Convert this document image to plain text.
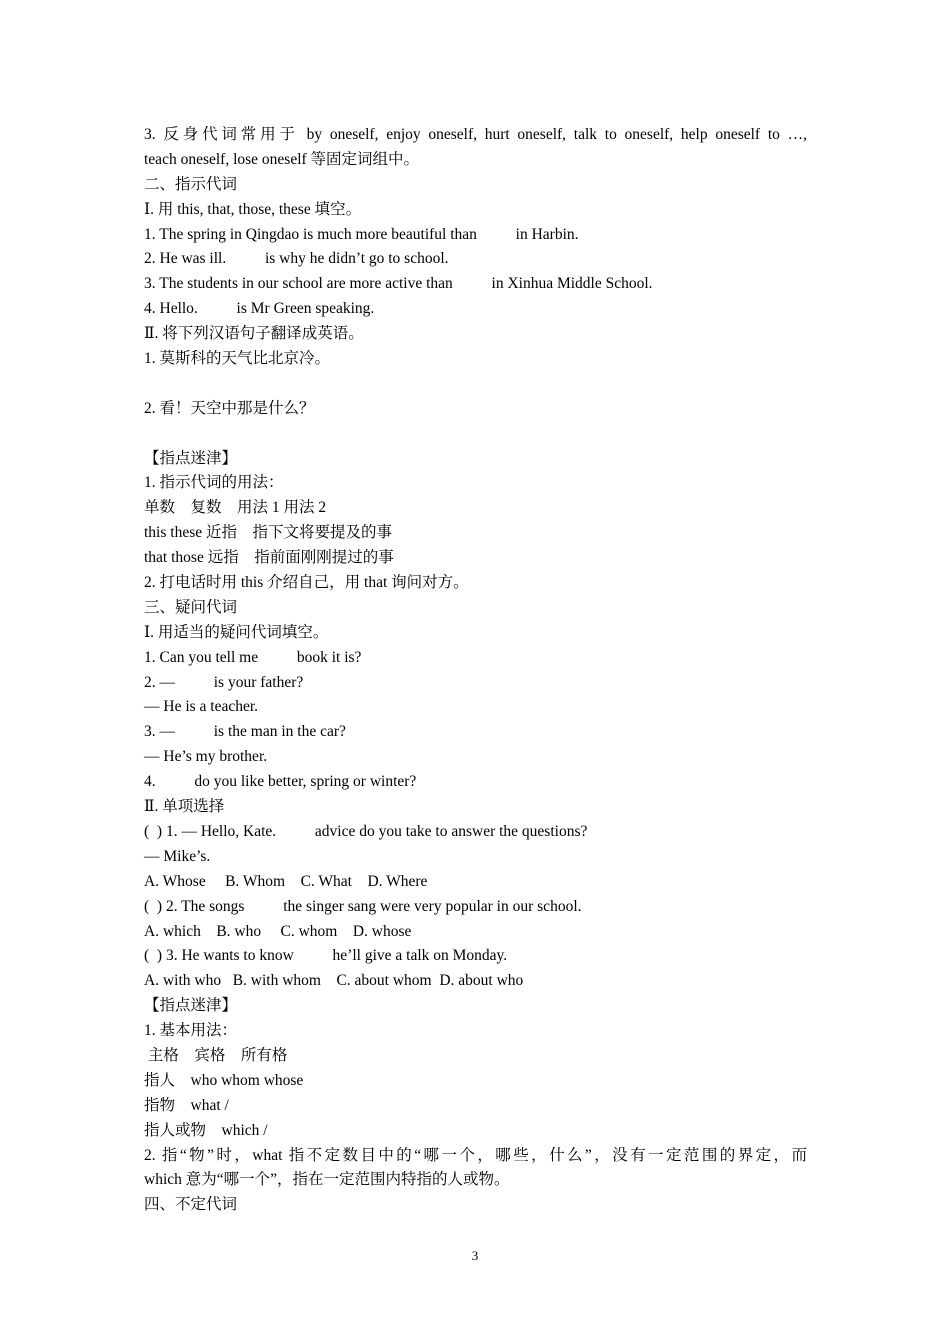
3. 反身代词常用于 by oneself, enjoy oneself, hurt oneself, talk to oneself, help oneself to …,
teach oneself, lose oneself 等固定词组中。
二、指示代词
Ⅰ. 用 this, that, those, these 填空。
1. The spring in Qingdao is much more beautiful than          in Harbin.
2. He was ill.          is why he didn’t go to school.
3. The students in our school are more active than          in Xinhua Middle School.
4. Hello.          is Mr Green speaking.
Ⅱ. 将下列汉语句子翻译成英语。
1. 莫斯科的天气比北京冷。
2. 看！天空中那是什么？
【指点迷津】
1. 指示代词的用法：
单数    复数    用法 1 用法 2
this these 近指    指下文将要提及的事
that those 远指    指前面刚刚提过的事
2. 打电话时用 this 介绍自己，用 that 询问对方。
三、疑问代词
Ⅰ. 用适当的疑问代词填空。
1. Can you tell me          book it is?
2. —          is your father?
— He is a teacher.
3. —          is the man in the car?
— He’s my brother.
4.          do you like better, spring or winter?
Ⅱ. 单项选择
(  ) 1. — Hello, Kate.          advice do you take to answer the questions?
— Mike’s.
A. Whose     B. Whom    C. What    D. Where
(  ) 2. The songs          the singer sang were very popular in our school.
A. which    B. who     C. whom    D. whose
(  ) 3. He wants to know          he’ll give a talk on Monday.
A. with who   B. with whom    C. about whom  D. about who
【指点迷津】
1. 基本用法：
主格    宾格    所有格
指人    who whom whose
指物    what /
指人或物    which /
2. 指“物”时，what 指不定数目中的“哪一个，哪些，什么”，没有一定范围的界定，而
which 意为“哪一个”，指在一定范围内特指的人或物。
四、不定代词
3
